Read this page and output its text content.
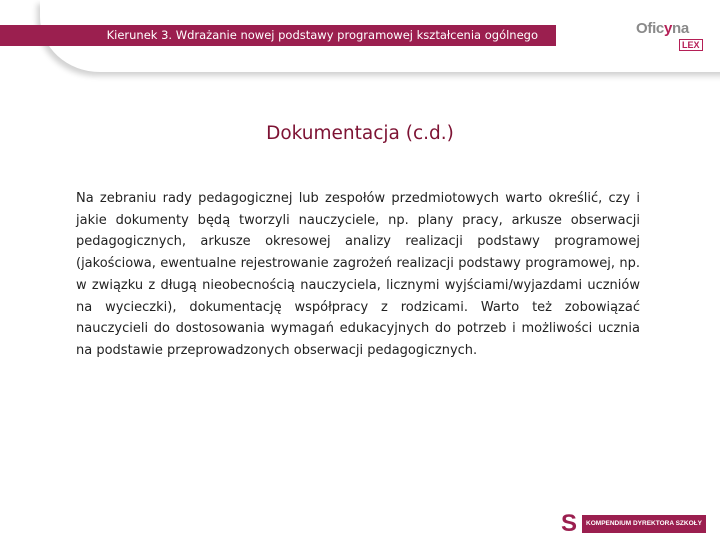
Kierunek 3. Wdrażanie nowej podstawy programowej kształcenia ogólnego	Oficyna
LEX
Dokumentacja (c.d.)

Na zebraniu rady pedagogicznej lub zespołów przedmiotowych warto określić, czy i jakie dokumenty będą tworzyli nauczyciele, np. plany pracy, arkusze obserwacji pedagogicznych, arkusze okresowej analizy realizacji podstawy programowej (jakościowa, ewentualne rejestrowanie zagrożeń realizacji podstawy programowej, np. w związku z długą nieobecnością nauczyciela, licznymi wyjściami/wyjazdami uczniów na wycieczki), dokumentację współpracy z rodzicami. Warto też zobowiązać nauczycieli do dostosowania wymagań edukacyjnych do potrzeb i możliwości ucznia na podstawie przeprowadzonych obserwacji pedagogicznych.

S	KOMPENDIUM DYREKTORA SZKOŁY
